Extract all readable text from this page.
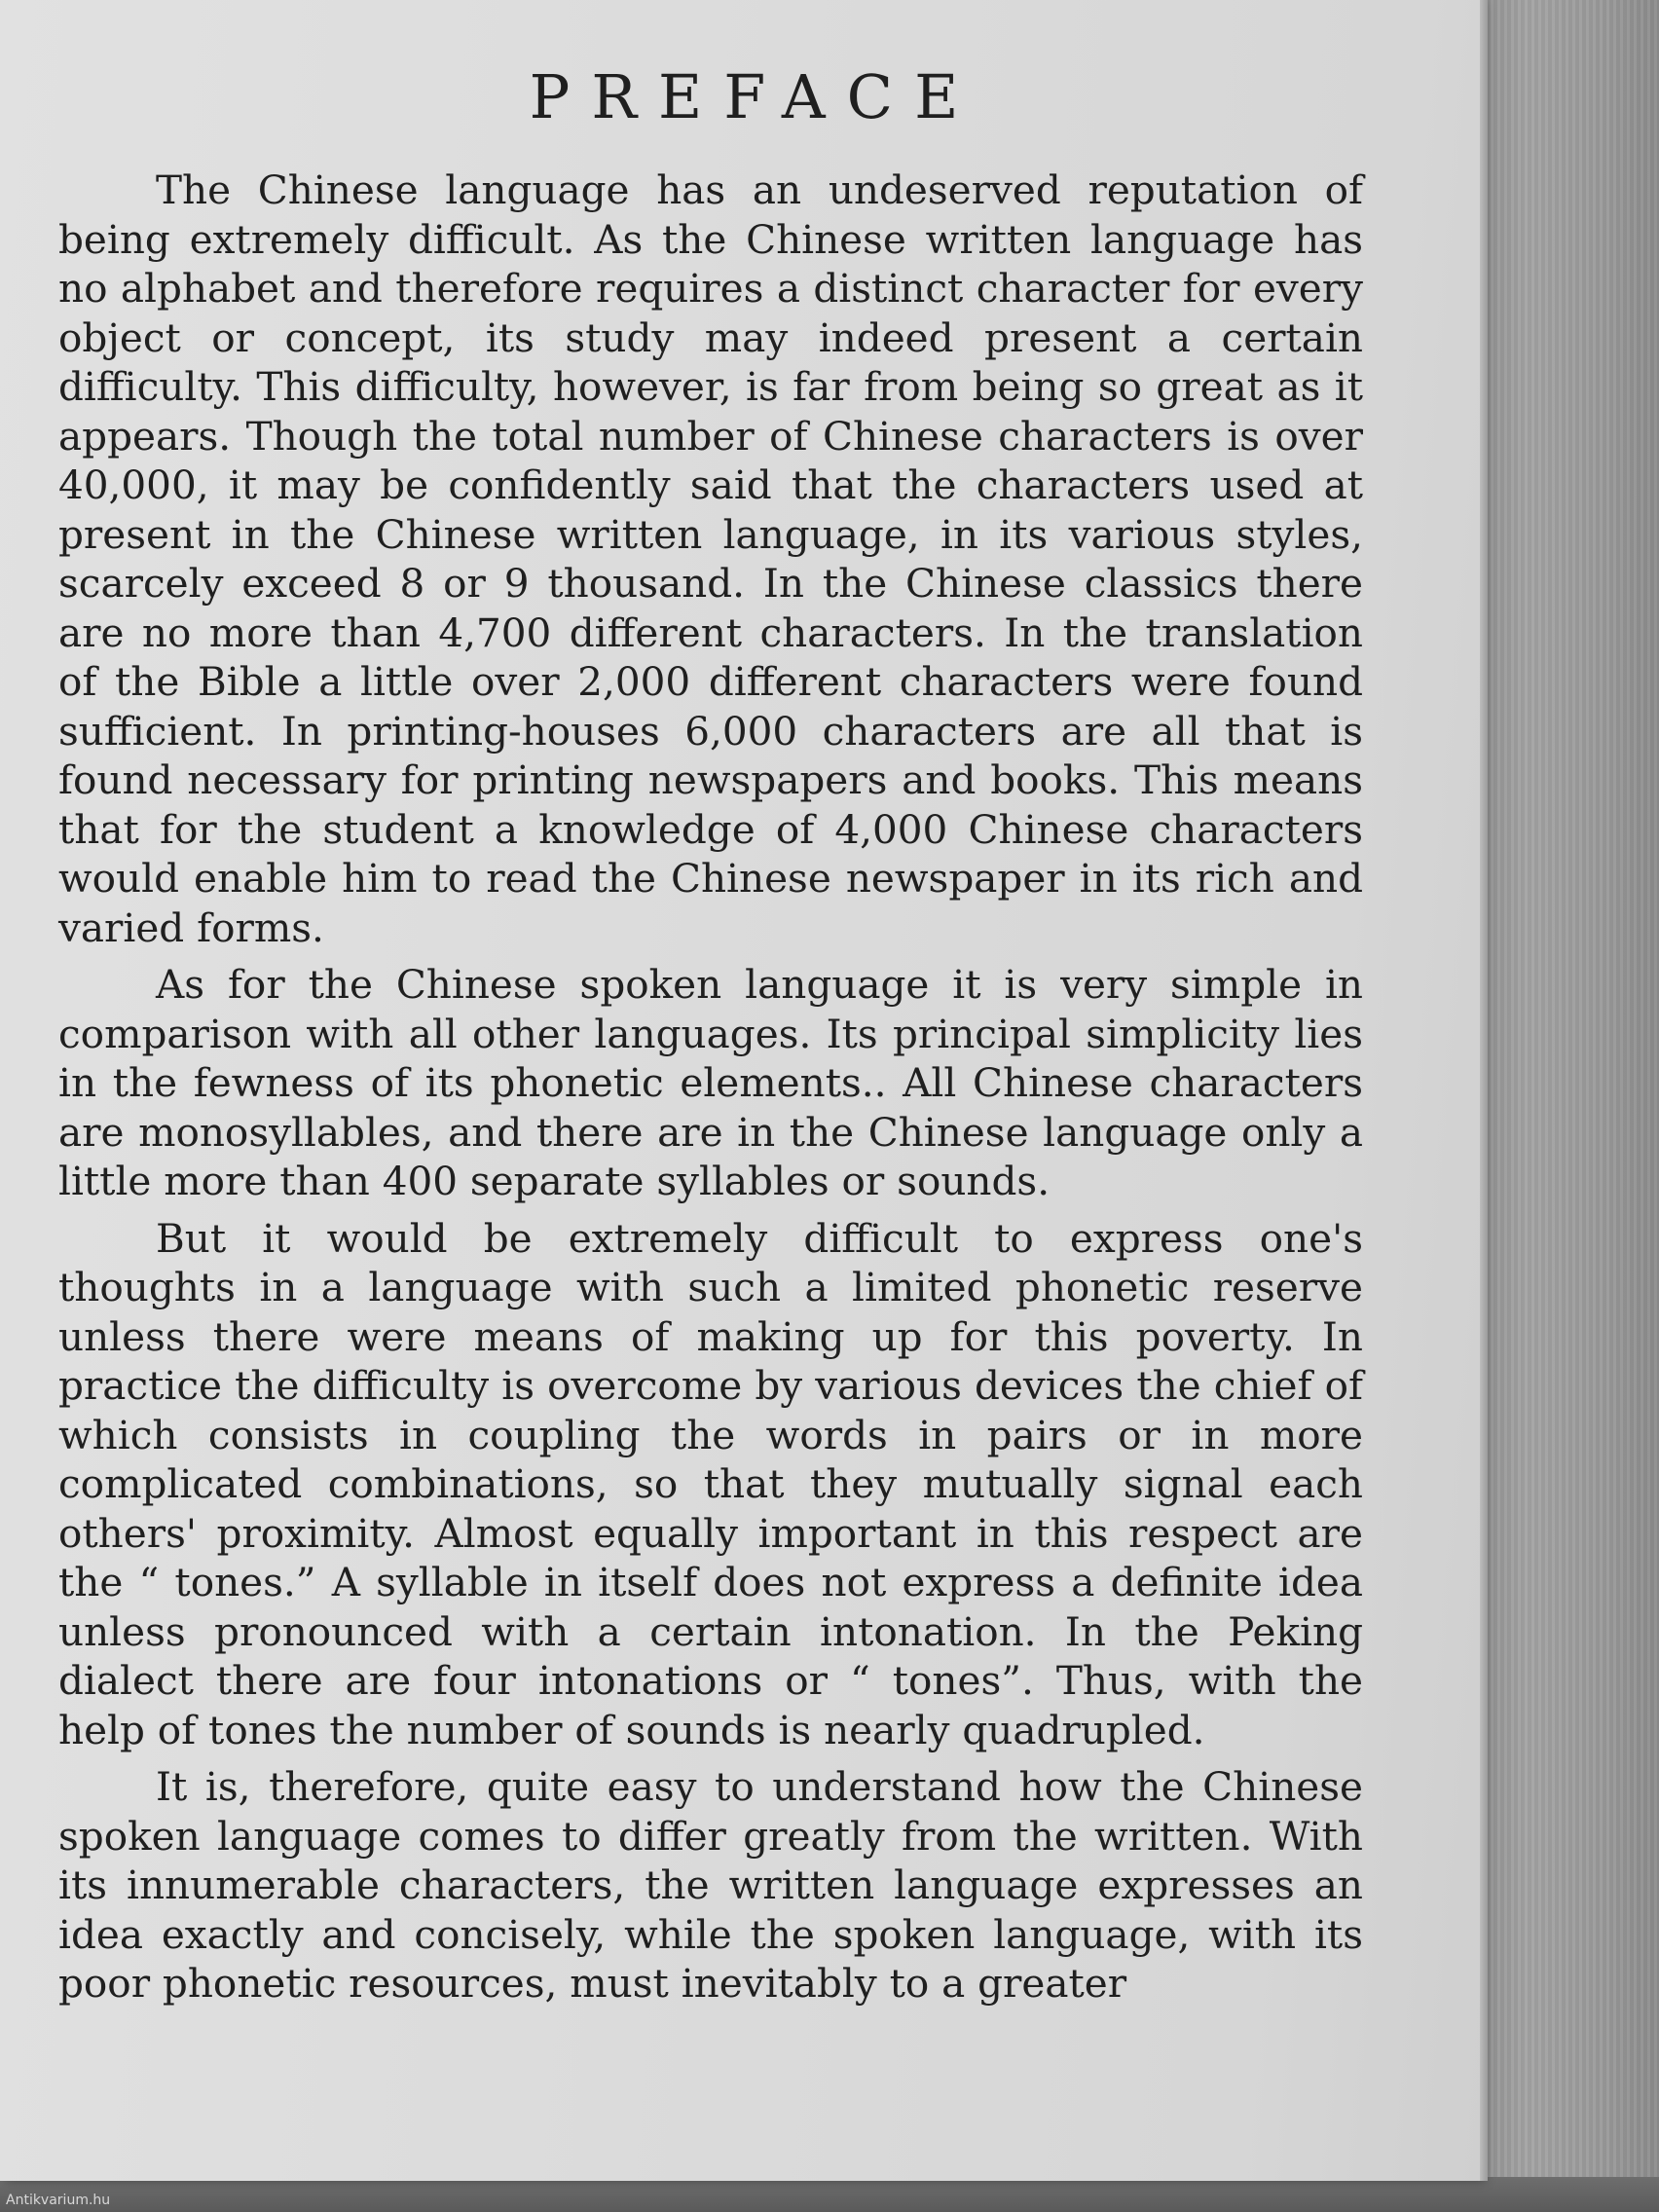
PREFACE

The Chinese language has an undeserved reputation of being extremely difficult. As the Chinese written language has no alphabet and therefore requires a distinct character for every object or concept, its study may indeed present a certain difficulty. This difficulty, however, is far from being so great as it appears. Though the total number of Chinese characters is over 40,000, it may be confidently said that the characters used at present in the Chinese written language, in its various styles, scarcely exceed 8 or 9 thousand. In the Chinese classics there are no more than 4,700 different characters. In the translation of the Bible a little over 2,000 different characters were found sufficient. In printing-houses 6,000 characters are all that is found necessary for printing newspapers and books. This means that for the student a knowledge of 4,000 Chinese characters would enable him to read the Chinese newspaper in its rich and varied forms.

As for the Chinese spoken language it is very simple in comparison with all other languages. Its principal simplicity lies in the fewness of its phonetic elements.. All Chinese characters are monosyllables, and there are in the Chinese language only a little more than 400 separate syllables or sounds.

But it would be extremely difficult to express one's thoughts in a language with such a limited phonetic reserve unless there were means of making up for this poverty. In practice the difficulty is overcome by various devices the chief of which consists in coupling the words in pairs or in more complicated combinations, so that they mutually signal each others' proximity. Almost equally important in this respect are the “ tones.” A syllable in itself does not express a definite idea unless pronounced with a certain intonation. In the Peking dialect there are four intonations or “ tones”. Thus, with the help of tones the number of sounds is nearly quadrupled.

It is, therefore, quite easy to understand how the Chinese spoken language comes to differ greatly from the written. With its innumerable characters, the written language expresses an idea exactly and concisely, while the spoken language, with its poor phonetic resources, must inevitably to a greater

Antikvarium.hu
